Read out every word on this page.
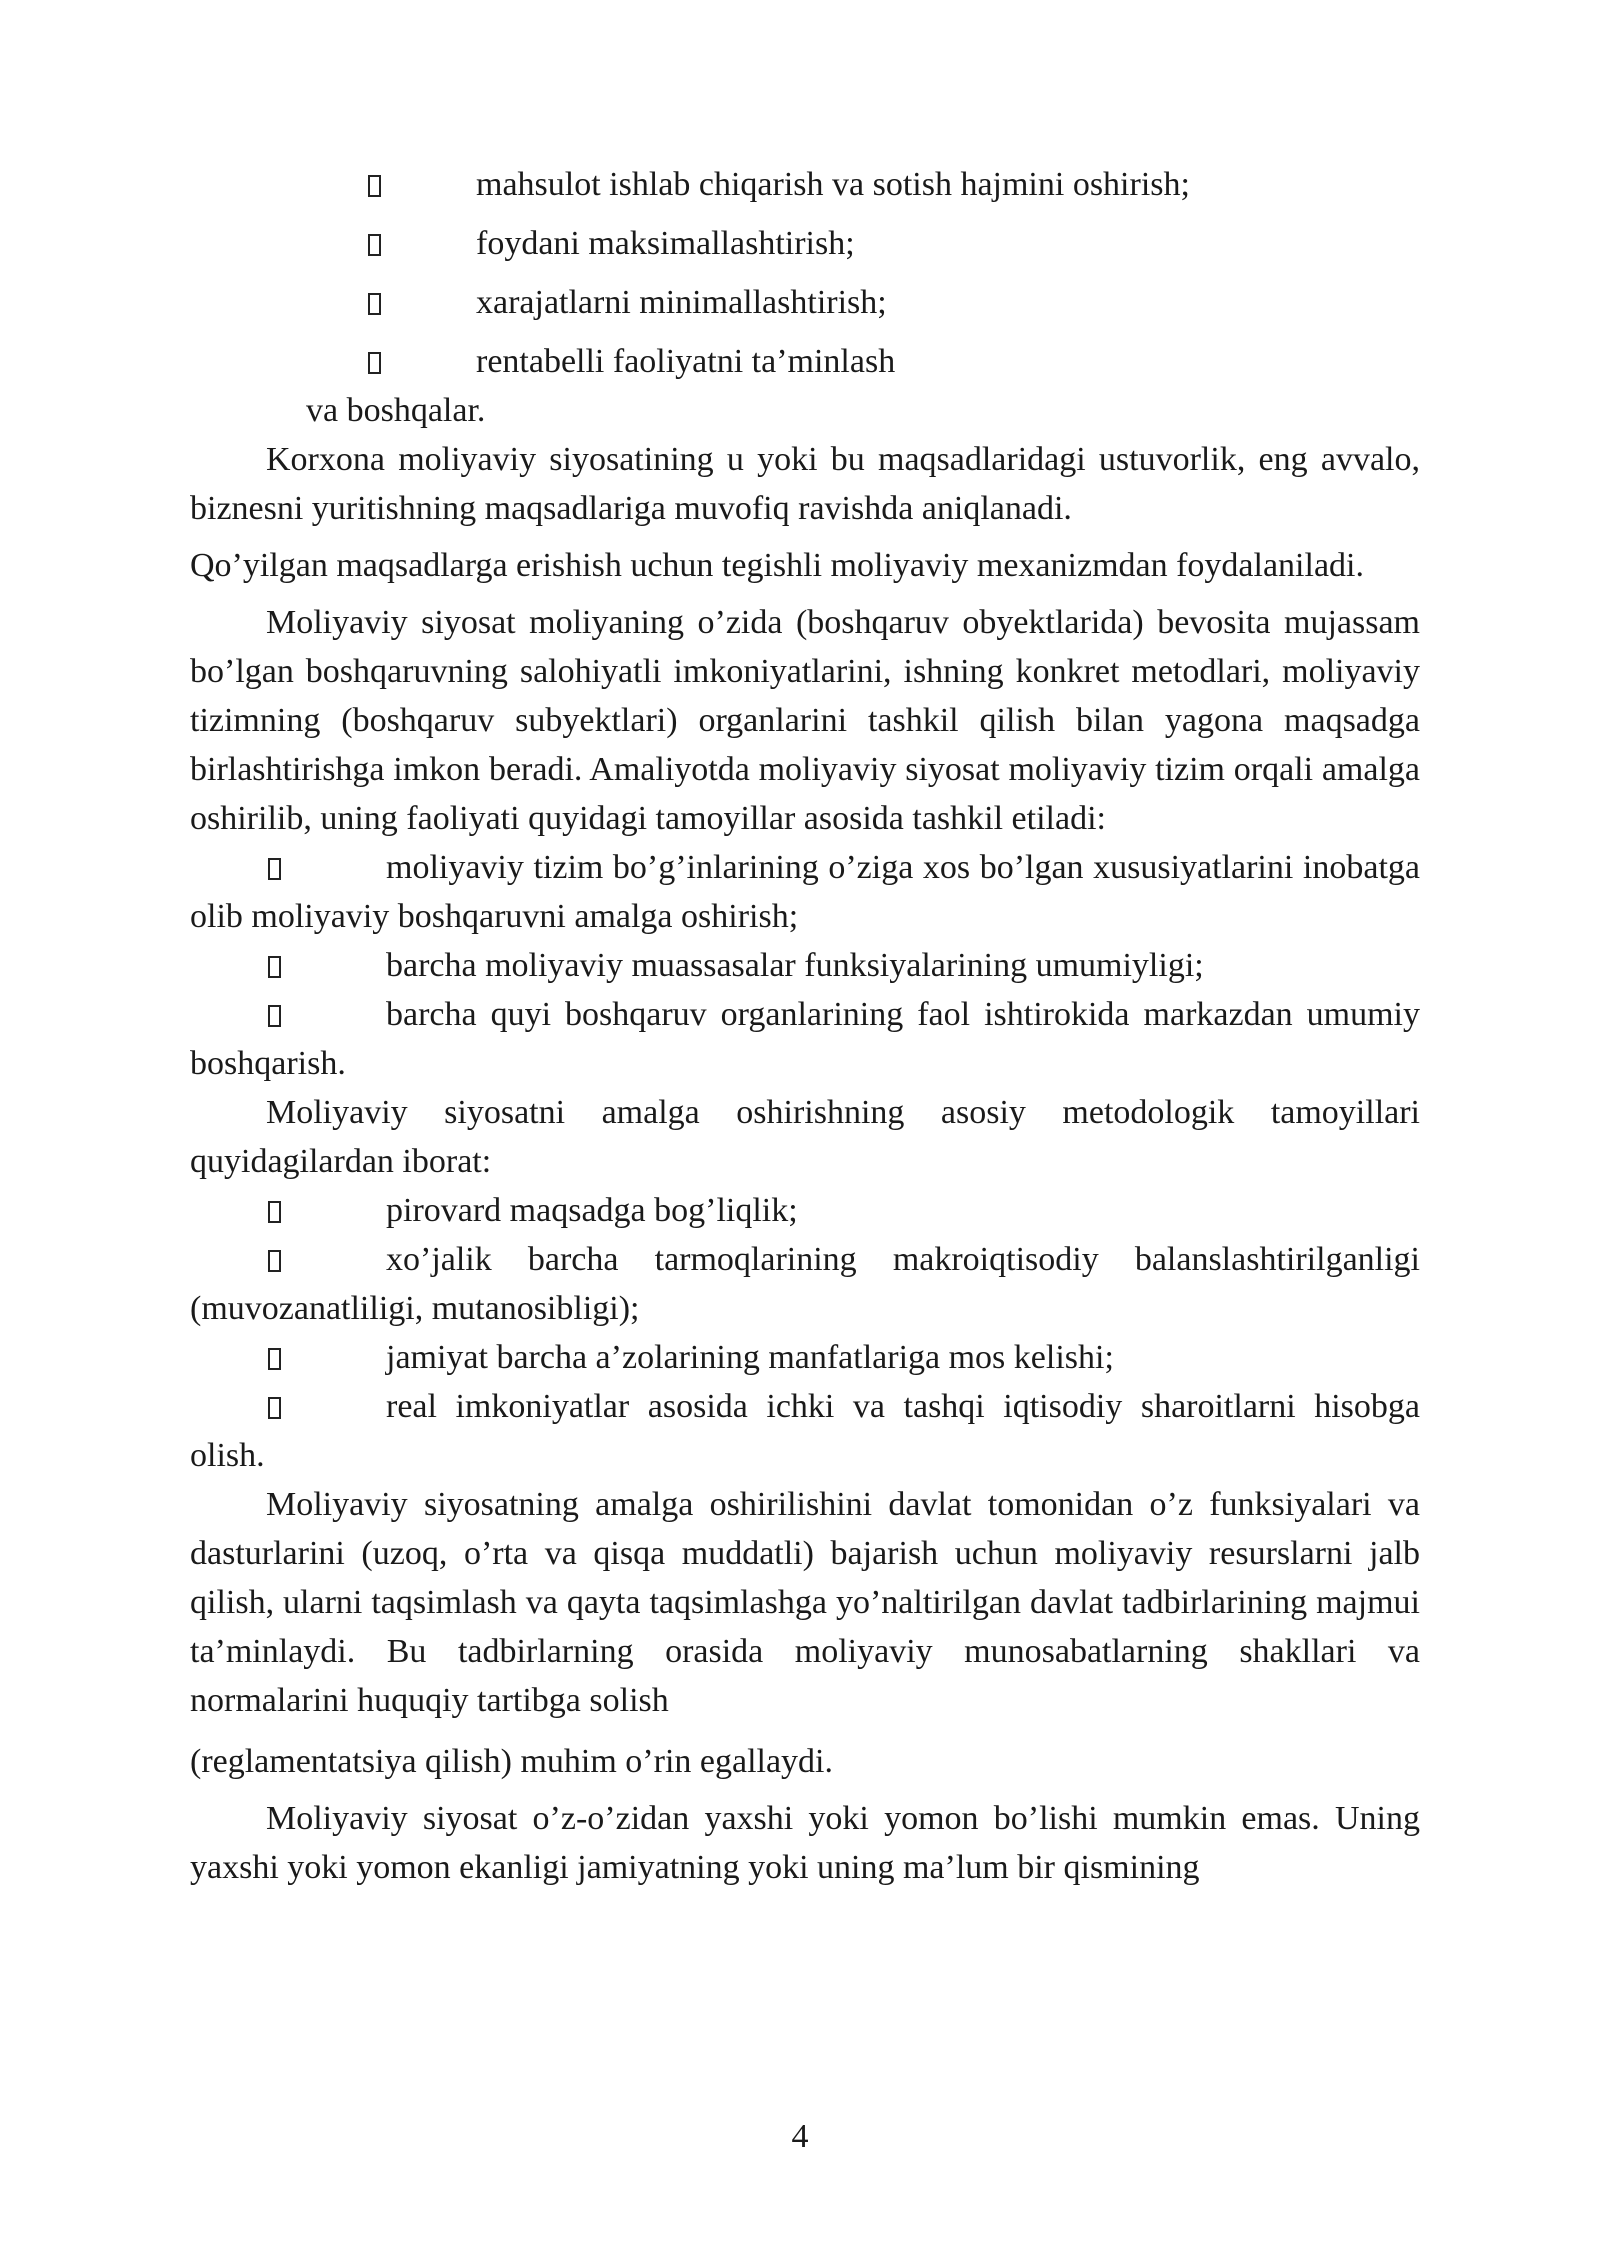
mahsulot ishlab chiqarish va sotish hajmini oshirish;
foydani maksimallashtirish;
xarajatlarni minimallashtirish;
rentabelli faoliyatni ta’minlash

va boshqalar.

Korxona moliyaviy siyosatining u yoki bu maqsadlaridagi ustuvorlik, eng avvalo, biznesni yuritishning maqsadlariga muvofiq ravishda aniqlanadi.

Qo’yilgan maqsadlarga erishish uchun tegishli moliyaviy mexanizmdan foydalaniladi.

Moliyaviy siyosat moliyaning o’zida (boshqaruv obyektlarida) bevosita mujassam bo’lgan boshqaruvning salohiyatli imkoniyatlarini, ishning konkret metodlari, moliyaviy tizimning (boshqaruv subyektlari) organlarini tashkil qilish bilan yagona maqsadga birlashtirishga imkon beradi. Amaliyotda moliyaviy siyosat moliyaviy tizim orqali amalga oshirilib, uning faoliyati quyidagi tamoyillar asosida tashkil etiladi:

moliyaviy tizim bo’g’inlarining o’ziga xos bo’lgan xususiyatlarini inobatga olib moliyaviy boshqaruvni amalga oshirish;

barcha moliyaviy muassasalar funksiyalarining umumiyligi;

barcha quyi boshqaruv organlarining faol ishtirokida markazdan umumiy boshqarish.

Moliyaviy siyosatni amalga oshirishning asosiy metodologik tamoyillari quyidagilardan iborat:

pirovard maqsadga bog’liqlik;

xo’jalik barcha tarmoqlarining makroiqtisodiy balanslashtirilganligi (muvozanatliligi, mutanosibligi);

jamiyat barcha a’zolarining manfatlariga mos kelishi;

real imkoniyatlar asosida ichki va tashqi iqtisodiy sharoitlarni hisobga olish.

Moliyaviy siyosatning amalga oshirilishini davlat tomonidan o’z funksiyalari va dasturlarini (uzoq, o’rta va qisqa muddatli) bajarish uchun moliyaviy resurslarni jalb qilish, ularni taqsimlash va qayta taqsimlashga yo’naltirilgan davlat tadbirlarining majmui ta’minlaydi. Bu tadbirlarning orasida moliyaviy munosabatlarning shakllari va normalarini huquqiy tartibga solish

(reglamentatsiya qilish) muhim o’rin egallaydi.

Moliyaviy siyosat o’z-o’zidan yaxshi yoki yomon bo’lishi mumkin emas. Uning yaxshi yoki yomon ekanligi jamiyatning yoki uning ma’lum bir qismining

4
